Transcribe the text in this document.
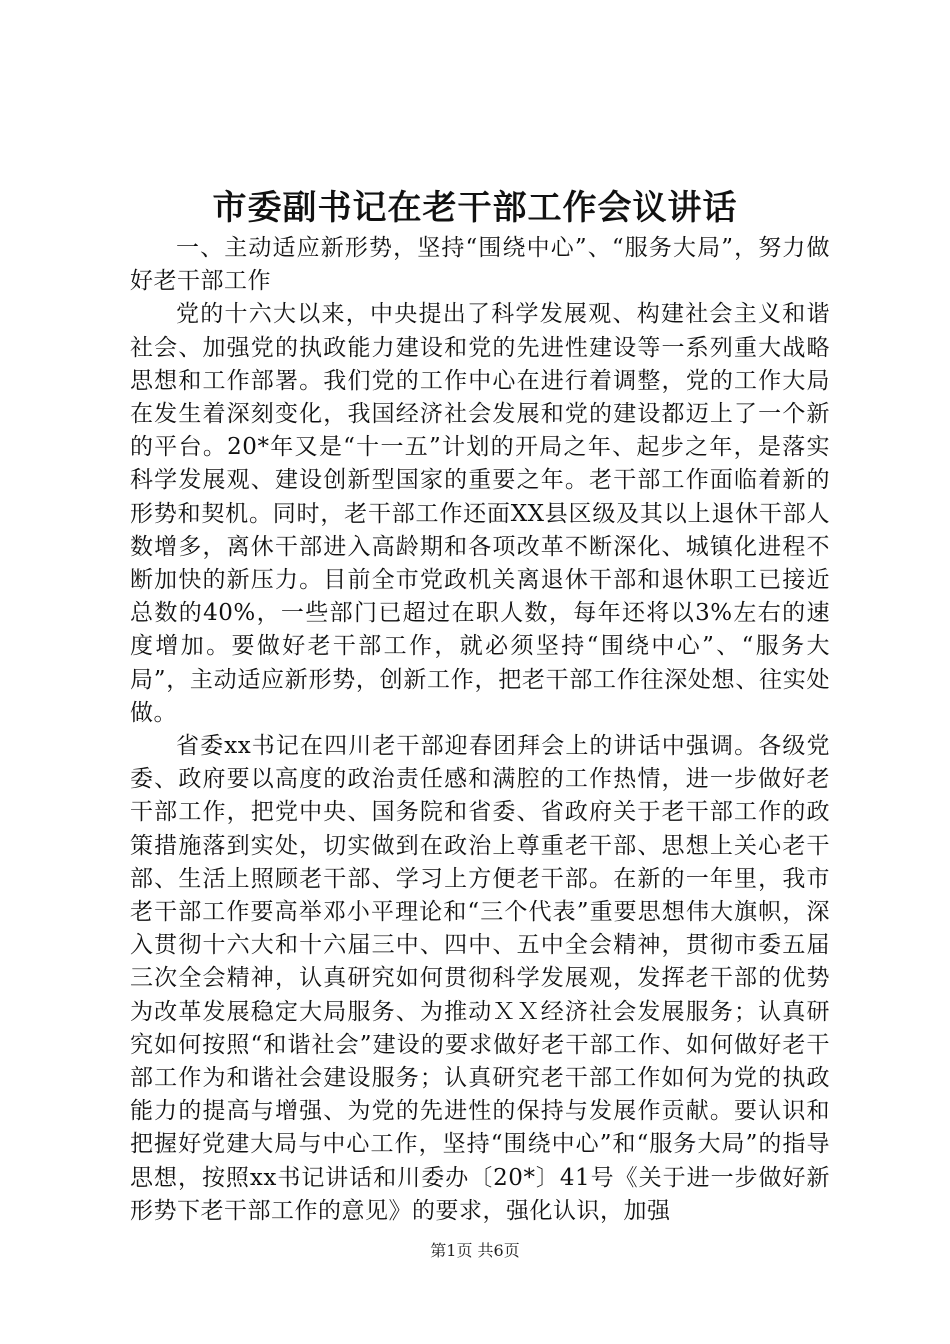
市委副书记在老干部工作会议讲话

一、主动适应新形势，坚持“围绕中心”、“服务大局”，努力做好老干部工作

党的十六大以来，中央提出了科学发展观、构建社会主义和谐社会、加强党的执政能力建设和党的先进性建设等一系列重大战略思想和工作部署。我们党的工作中心在进行着调整，党的工作大局在发生着深刻变化，我国经济社会发展和党的建设都迈上了一个新的平台。20*年又是“十一五”计划的开局之年、起步之年，是落实科学发展观、建设创新型国家的重要之年。老干部工作面临着新的形势和契机。同时，老干部工作还面XX县区级及其以上退休干部人数增多，离休干部进入高龄期和各项改革不断深化、城镇化进程不断加快的新压力。目前全市党政机关离退休干部和退休职工已接近总数的40%，一些部门已超过在职人数，每年还将以3%左右的速度增加。要做好老干部工作，就必须坚持“围绕中心”、“服务大局”，主动适应新形势，创新工作，把老干部工作往深处想、往实处做。

省委xx书记在四川老干部迎春团拜会上的讲话中强调。各级党委、政府要以高度的政治责任感和满腔的工作热情，进一步做好老干部工作，把党中央、国务院和省委、省政府关于老干部工作的政策措施落到实处，切实做到在政治上尊重老干部、思想上关心老干部、生活上照顾老干部、学习上方便老干部。在新的一年里，我市老干部工作要高举邓小平理论和“三个代表”重要思想伟大旗帜，深入贯彻十六大和十六届三中、四中、五中全会精神，贯彻市委五届三次全会精神，认真研究如何贯彻科学发展观，发挥老干部的优势为改革发展稳定大局服务、为推动ＸＸ经济社会发展服务；认真研究如何按照“和谐社会”建设的要求做好老干部工作、如何做好老干部工作为和谐社会建设服务；认真研究老干部工作如何为党的执政能力的提高与增强、为党的先进性的保持与发展作贡献。要认识和把握好党建大局与中心工作，坚持“围绕中心”和“服务大局”的指导思想，按照xx书记讲话和川委办〔20*〕41号《关于进一步做好新形势下老干部工作的意见》的要求，强化认识，加强

第1页 共6页
